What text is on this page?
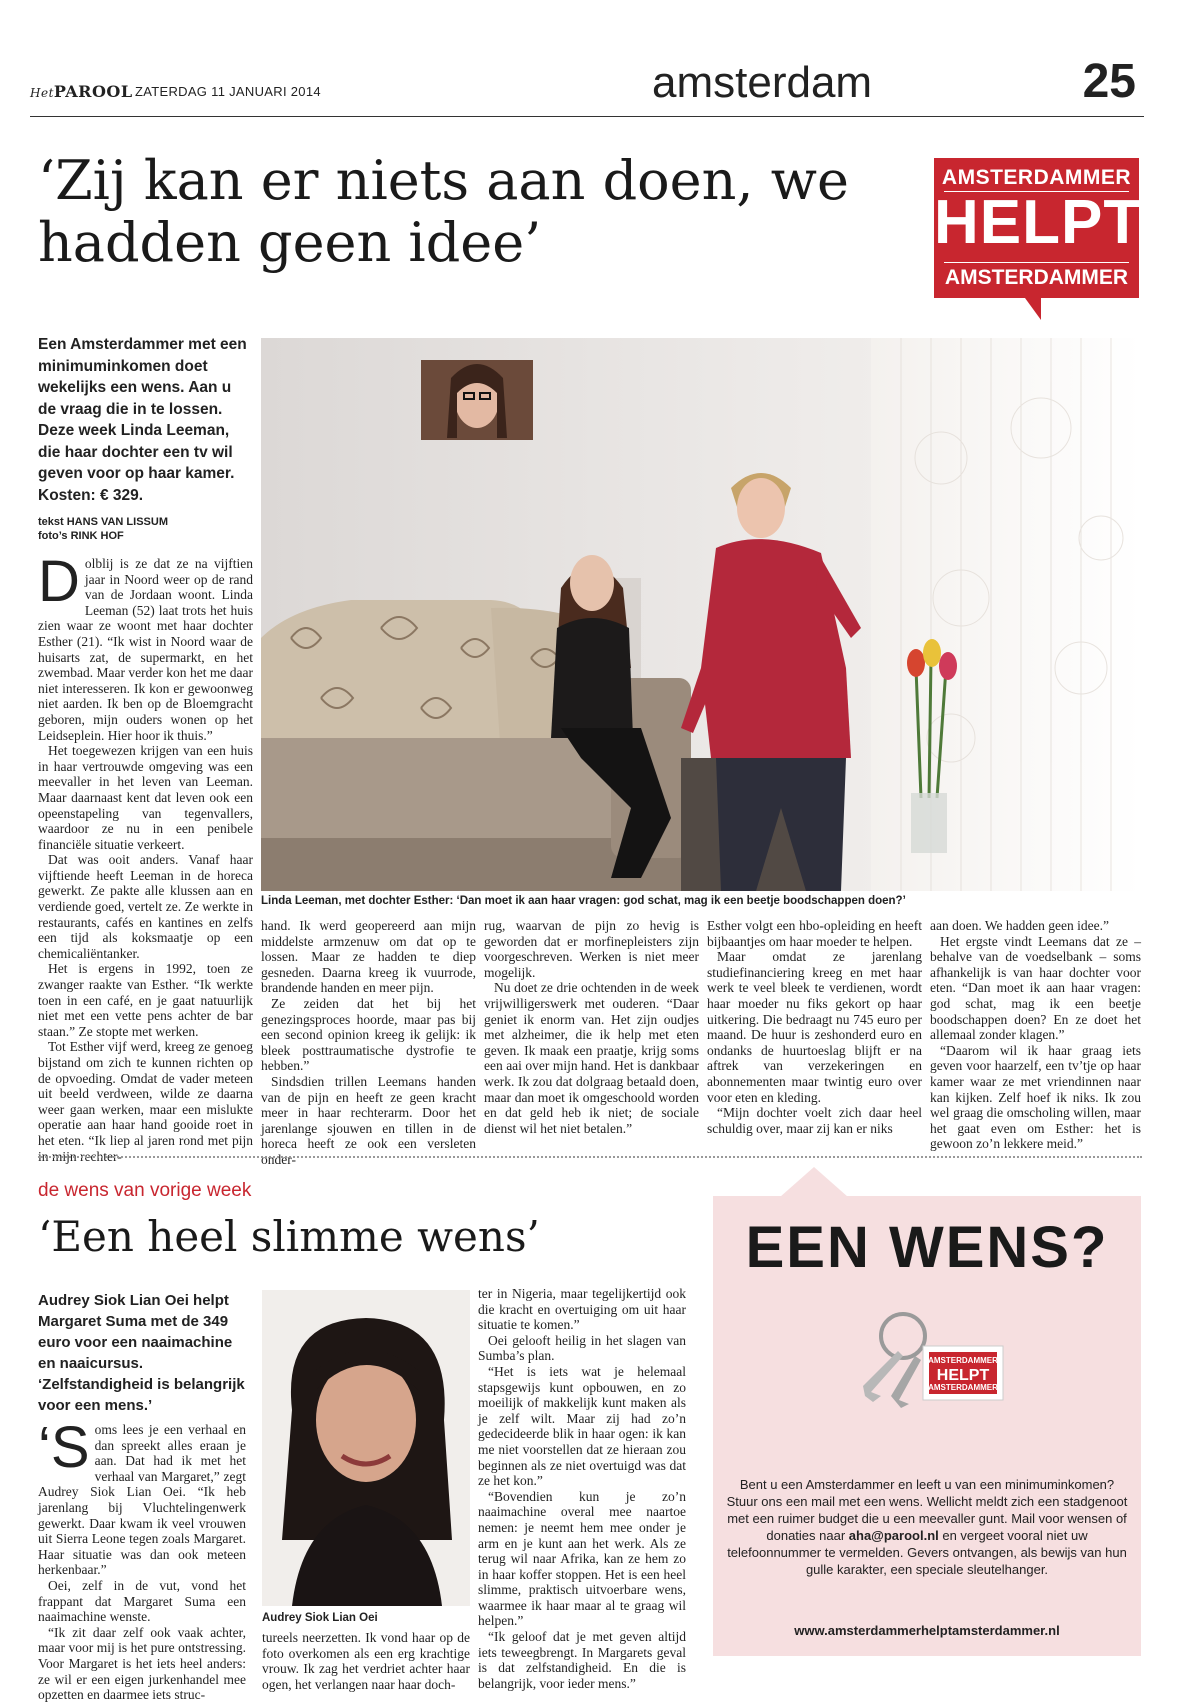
HetPAROOL ZATERDAG 11 JANUARI 2014	amsterdam	25
‘Zij kan er niets aan doen, we hadden geen idee’
AMSTERDAMMER
HELPT
AMSTERDAMMER
Een Amsterdammer met een minimuminkomen doet wekelijks een wens. Aan u de vraag die in te lossen. Deze week Linda Leeman, die haar dochter een tv wil geven voor op haar kamer. Kosten: € 329.
tekst HANS VAN LISSUM
foto’s RINK HOF
Linda Leeman, met dochter Esther: ‘Dan moet ik aan haar vragen: god schat, mag ik een beetje boodschappen doen?’

Dolblij is ze dat ze na vijftien jaar in Noord weer op de rand van de Jordaan woont. Linda Leeman (52) laat trots het huis zien waar ze woont met haar dochter Esther (21). “Ik wist in Noord waar de huisarts zat, de supermarkt, en het zwembad. Maar verder kon het me daar niet interesseren. Ik kon er gewoonweg niet aarden. Ik ben op de Bloemgracht geboren, mijn ouders wonen op het Leidseplein. Hier hoor ik thuis.”

Het toegewezen krijgen van een huis in haar vertrouwde omgeving was een meevaller in het leven van Leeman. Maar daarnaast kent dat leven ook een opeenstapeling van tegenvallers, waardoor ze nu in een penibele financiële situatie verkeert.

Dat was ooit anders. Vanaf haar vijftiende heeft Leeman in de horeca gewerkt. Ze pakte alle klussen aan en verdiende goed, vertelt ze. Ze werkte in restaurants, cafés en kantines en zelfs een tijd als koksmaatje op een chemicaliëntanker.

Het is ergens in 1992, toen ze zwanger raakte van Esther. “Ik werkte toen in een café, en je gaat natuurlijk niet met een vette pens achter de bar staan.” Ze stopte met werken.

Tot Esther vijf werd, kreeg ze genoeg bijstand om zich te kunnen richten op de opvoeding. Omdat de vader meteen uit beeld verdween, wilde ze daarna weer gaan werken, maar een mislukte operatie aan haar hand gooide roet in het eten. “Ik liep al jaren rond met pijn in mijn rechter-

hand. Ik werd geopereerd aan mijn middelste armzenuw om dat op te lossen. Maar ze hadden te diep gesneden. Daarna kreeg ik vuurrode, brandende handen en meer pijn.

Ze zeiden dat het bij het genezingsproces hoorde, maar pas bij een second opinion kreeg ik gelijk: ik bleek posttraumatische dystrofie te hebben.”

Sindsdien trillen Leemans handen van de pijn en heeft ze geen kracht meer in haar rechterarm. Door het jarenlange sjouwen en tillen in de horeca heeft ze ook een versleten onder-

rug, waarvan de pijn zo hevig is geworden dat er morfinepleisters zijn voorgeschreven. Werken is niet meer mogelijk.

Nu doet ze drie ochtenden in de week vrijwilligerswerk met ouderen. “Daar geniet ik enorm van. Het zijn oudjes met alzheimer, die ik help met eten geven. Ik maak een praatje, krijg soms een aai over mijn hand. Het is dankbaar werk. Ik zou dat dolgraag betaald doen, maar dan moet ik omgeschoold worden en dat geld heb ik niet; de sociale dienst wil het niet betalen.”

Esther volgt een hbo-opleiding en heeft bijbaantjes om haar moeder te helpen.

Maar omdat ze jarenlang studiefinanciering kreeg en met haar werk te veel bleek te verdienen, wordt haar moeder nu fiks gekort op haar uitkering. Die bedraagt nu 745 euro per maand. De huur is zeshonderd euro en ondanks de huurtoeslag blijft er na aftrek van verzekeringen en abonnementen maar twintig euro over voor eten en kleding.

“Mijn dochter voelt zich daar heel schuldig over, maar zij kan er niks

aan doen. We hadden geen idee.”

Het ergste vindt Leemans dat ze – behalve van de voedselbank – soms afhankelijk is van haar dochter voor eten. “Dan moet ik aan haar vragen: god schat, mag ik een beetje boodschappen doen? En ze doet het allemaal zonder klagen.”

“Daarom wil ik haar graag iets geven voor haarzelf, een tv’tje op haar kamer waar ze met vriendinnen naar kan kijken. Zelf hoef ik niks. Ik zou wel graag die omscholing willen, maar het gaat even om Esther: het is gewoon zo’n lekkere meid.”

de wens van vorige week
‘Een heel slimme wens’
Audrey Siok Lian Oei helpt Margaret Suma met de 349 euro voor een naaimachine en naaicursus. ‘Zelfstandigheid is belangrijk voor een mens.’

‘Soms lees je een verhaal en dan spreekt alles eraan je aan. Dat had ik met het verhaal van Margaret,” zegt Audrey Siok Lian Oei. “Ik heb jarenlang bij Vluchtelingenwerk gewerkt. Daar kwam ik veel vrouwen uit Sierra Leone tegen zoals Margaret. Haar situatie was dan ook meteen herkenbaar.”

Oei, zelf in de vut, vond het frappant dat Margaret Suma een naaimachine wenste.

“Ik zit daar zelf ook vaak achter, maar voor mij is het pure ontstressing. Voor Margaret is het iets heel anders: ze wil er een eigen jurkenhandel mee opzetten en daarmee iets struc-

Audrey Siok Lian Oei

tureels neerzetten. Ik vond haar op de foto overkomen als een erg krachtige vrouw. Ik zag het verdriet achter haar ogen, het verlangen naar haar doch-

ter in Nigeria, maar tegelijkertijd ook die kracht en overtuiging om uit haar situatie te komen.”

Oei gelooft heilig in het slagen van Sumba’s plan.

“Het is iets wat je helemaal stapsgewijs kunt opbouwen, en zo moeilijk of makkelijk kunt maken als je zelf wilt. Maar zij had zo’n gedecideerde blik in haar ogen: ik kan me niet voorstellen dat ze hieraan zou beginnen als ze niet overtuigd was dat ze het kon.”

“Bovendien kun je zo’n naaimachine overal mee naartoe nemen: je neemt hem mee onder je arm en je kunt aan het werk. Als ze terug wil naar Afrika, kan ze hem zo in haar koffer stoppen. Het is een heel slimme, praktisch uitvoerbare wens, waarmee ik haar maar al te graag wil helpen.”

“Ik geloof dat je met geven altijd iets teweegbrengt. In Margarets geval is dat zelfstandigheid. En die is belangrijk, voor ieder mens.”

AMSTERDAMMER
HELPT
AMSTERDAMMER
EEN WENS?
Bent u een Amsterdammer en leeft u van een minimuminkomen? Stuur ons een mail met een wens. Wellicht meldt zich een stadgenoot met een ruimer budget die u een meevaller gunt. Mail voor wensen of donaties naar aha@parool.nl en vergeet vooral niet uw telefoonnummer te vermelden. Gevers ontvangen, als bewijs van hun gulle karakter, een speciale sleutelhanger.
www.amsterdammerhelptamsterdammer.nl
